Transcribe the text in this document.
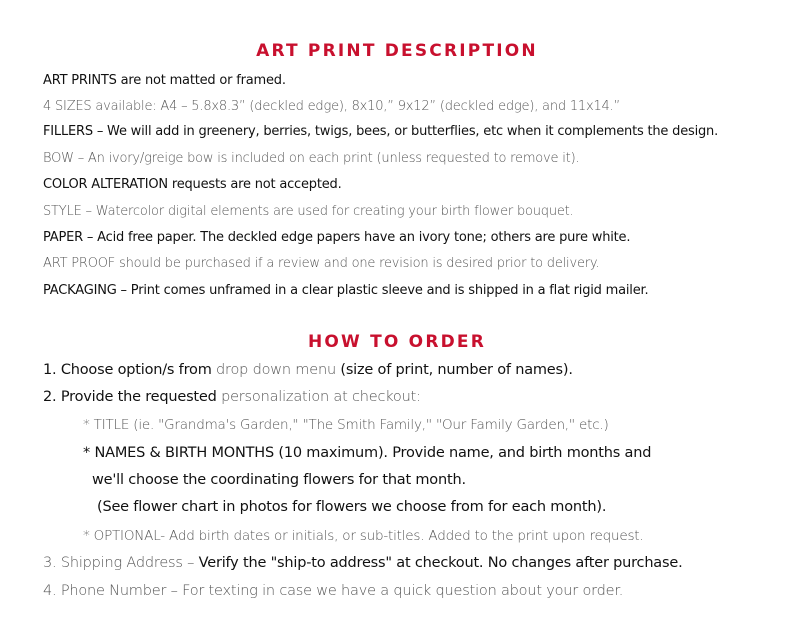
ART PRINT DESCRIPTION

ART PRINTS are not matted or framed.

4 SIZES available: A4 – 5.8x8.3” (deckled edge), 8x10,” 9x12” (deckled edge), and 11x14.”

FILLERS – We will add in greenery, berries, twigs, bees, or butterflies, etc when it complements the design.

BOW – An ivory/greige bow is included on each print (unless requested to remove it).

COLOR ALTERATION requests are not accepted.

STYLE – Watercolor digital elements are used for creating your birth flower bouquet.

PAPER – Acid free paper. The deckled edge papers have an ivory tone; others are pure white.

ART PROOF should be purchased if a review and one revision is desired prior to delivery.

PACKAGING – Print comes unframed in a clear plastic sleeve and is shipped in a flat rigid mailer.

HOW TO ORDER

1. Choose option/s from drop down menu (size of print, number of names).

2. Provide the requested personalization at checkout:

* TITLE (ie. "Grandma's Garden," "The Smith Family," "Our Family Garden," etc.)

* NAMES & BIRTH MONTHS (10 maximum). Provide name, and birth months and

we'll choose the coordinating flowers for that month.

(See flower chart in photos for flowers we choose from for each month).

* OPTIONAL- Add birth dates or initials, or sub-titles. Added to the print upon request.

3. Shipping Address – Verify the "ship-to address" at checkout. No changes after purchase.

4. Phone Number – For texting in case we have a quick question about your order.
